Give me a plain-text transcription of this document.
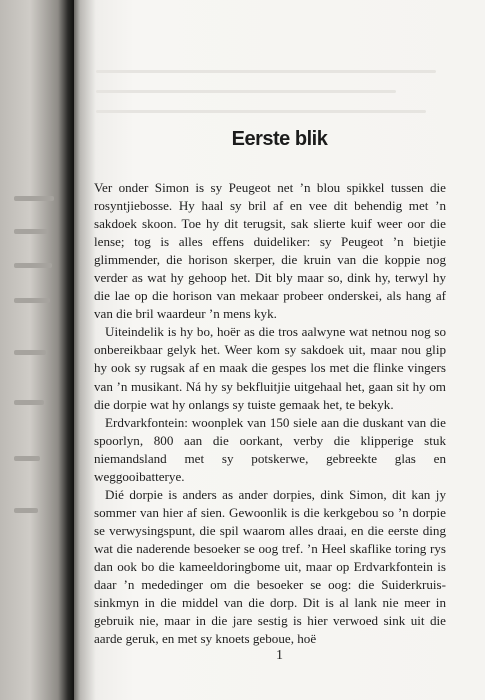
Eerste blik

Ver onder Simon is sy Peugeot net ’n blou spikkel tussen die rosyntjiebosse. Hy haal sy bril af en vee dit behendig met ’n sakdoek skoon. Toe hy dit terugsit, sak slierte kuif weer oor die lense; tog is alles effens duideliker: sy Peugeot ’n bietjie glimmender, die horison skerper, die kruin van die koppie nog verder as wat hy gehoop het. Dit bly maar so, dink hy, terwyl hy die lae op die horison van mekaar probeer onderskei, als hang af van die bril waardeur ’n mens kyk.

Uiteindelik is hy bo, hoër as die tros aalwyne wat netnou nog so onbereikbaar gelyk het. Weer kom sy sakdoek uit, maar nou glip hy ook sy rugsak af en maak die gespes los met die flinke vingers van ’n musikant. Ná hy sy bekfluitjie uitgehaal het, gaan sit hy om die dorpie wat hy onlangs sy tuiste gemaak het, te bekyk.

Erdvarkfontein: woonplek van 150 siele aan die duskant van die spoorlyn, 800 aan die oorkant, verby die klipperige stuk niemandsland met sy potskerwe, gebreekte glas en weggooibatterye.

Dié dorpie is anders as ander dorpies, dink Simon, dit kan jy sommer van hier af sien. Gewoonlik is die kerkgebou so ’n dorpie se verwysingspunt, die spil waarom alles draai, en die eerste ding wat die naderende besoeker se oog tref. ’n Heel skaflike toring rys dan ook bo die kameeldoringbome uit, maar op Erdvarkfontein is daar ’n mededinger om die besoeker se oog: die Suiderkruis-sinkmyn in die middel van die dorp. Dit is al lank nie meer in gebruik nie, maar in die jare sestig is hier verwoed sink uit die aarde geruk, en met sy knoets geboue, hoë

1
